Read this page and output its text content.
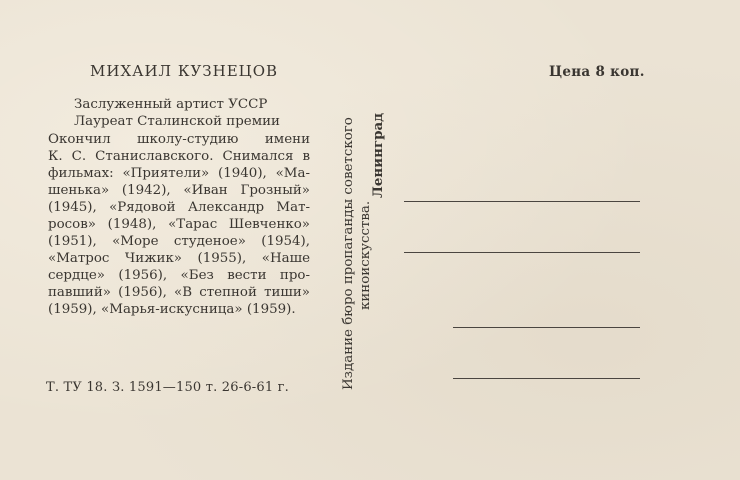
МИХАИЛ КУЗНЕЦОВ
Заслуженный артист УССР
Лауреат Сталинской премии
Окончил школу-студию имени
К. С. Станиславского. Снимался в
фильмах: «Приятели» (1940), «Ма-
шенька» (1942), «Иван Грозный»
(1945), «Рядовой Александр Мат-
росов» (1948), «Тарас Шевченко»
(1951), «Море студеное» (1954),
«Матрос Чижик» (1955), «Наше
сердце» (1956), «Без вести про-
павший» (1956), «В степной тиши»
(1959), «Марья-искусница» (1959).
Т. ТУ 18. З. 1591—150 т. 26-6-61 г.	Издание бюро пропаганды советского киноискусства.
Ленинград
Цена 8 коп.
